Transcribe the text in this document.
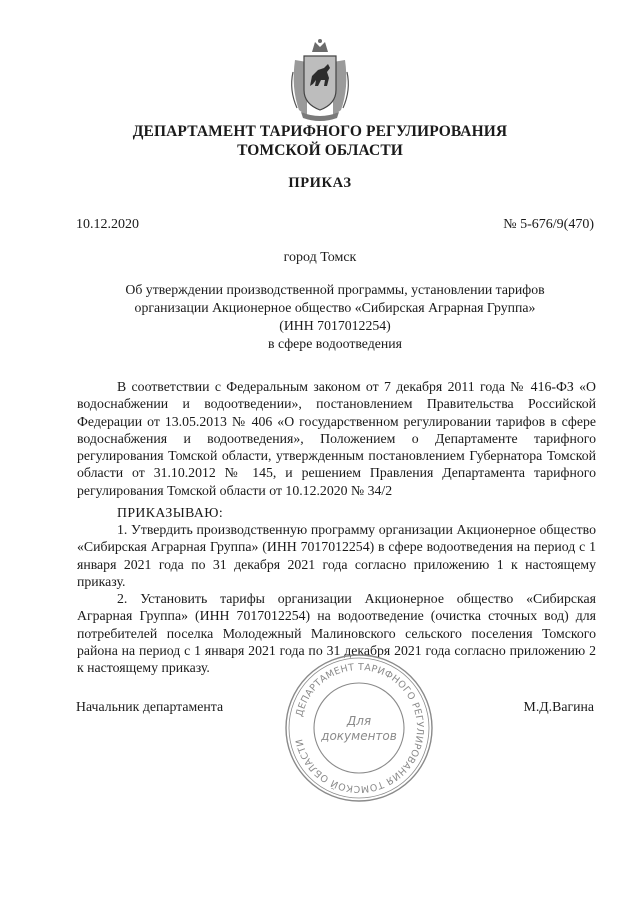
ДЕПАРТАМЕНТ ТАРИФНОГО РЕГУЛИРОВАНИЯ
ТОМСКОЙ ОБЛАСТИ
ПРИКАЗ
10.12.2020	№ 5-676/9(470)
город Томск
Об утверждении производственной программы, установлении тарифов
организации Акционерное общество «Сибирская Аграрная Группа»
(ИНН 7017012254)
в сфере водоотведения
В соответствии с Федеральным законом от 7 декабря 2011 года № 416-ФЗ «О водоснабжении и водоотведении», постановлением Правительства Российской Федерации от 13.05.2013 № 406 «О государственном регулировании тарифов в сфере водоснабжения и водоотведения», Положением о Департаменте тарифного регулирования Томской области, утвержденным постановлением Губернатора Томской области от 31.10.2012 № 145, и решением Правления Департамента тарифного регулирования Томской области от 10.12.2020 № 34/2
ПРИКАЗЫВАЮ:
1. Утвердить производственную программу организации Акционерное общество «Сибирская Аграрная Группа» (ИНН 7017012254) в сфере водоотведения на период с 1 января 2021 года по 31 декабря 2021 года согласно приложению 1 к настоящему приказу.
2. Установить тарифы организации Акционерное общество «Сибирская Аграрная Группа» (ИНН 7017012254) на водоотведение (очистка сточных вод) для потребителей поселка Молодежный Малиновского сельского поселения Томского района на период с 1 января 2021 года по 31 декабря 2021 года согласно приложению 2 к настоящему приказу.
Начальник департамента	М.Д.Вагина
ДЕПАРТАМЕНТ ТАРИФНОГО РЕГУЛИРОВАНИЯ ТОМСКОЙ ОБЛАСТИ
Для
документов
